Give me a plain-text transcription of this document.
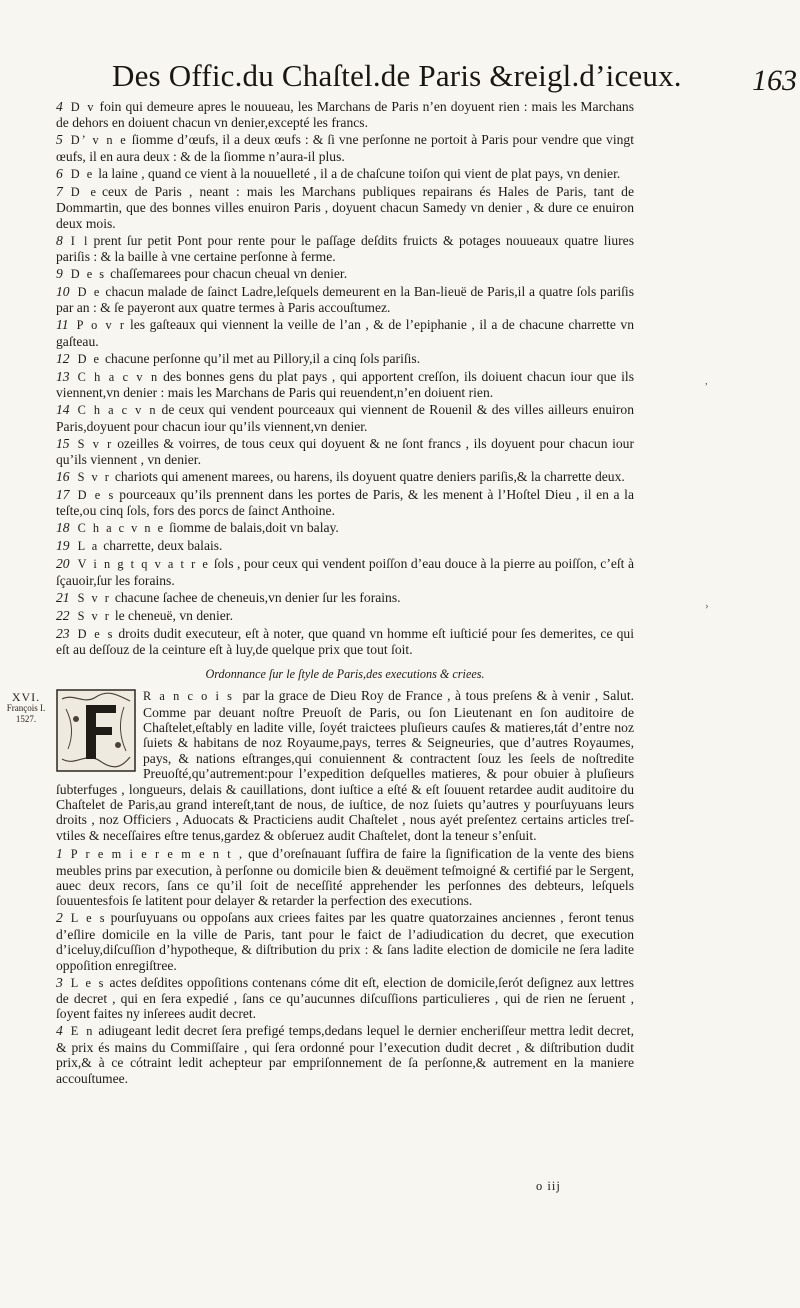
Des Offic.du Chaſtel.de Paris &reigl.d’iceux. 163
XVI.
François I.
1527.
,
›

4 D v foin qui demeure apres le nouueau, les Marchans de Paris n’en doyuent rien : mais les Marchans de dehors en doiuent chacun vn denier,excepté les francs.

5 D’ v n e ſiomme d’œufs, il a deux œufs : & ſi vne perſonne ne portoit à Paris pour vendre que vingt œufs, il en aura deux : & de la ſiomme n’aura-il plus.

6 D e la laine , quand ce vient à la nouuelleté , il a de chaſcune toiſon qui vient de plat pays, vn denier.

7 D e ceux de Paris , neant : mais les Marchans publiques repairans és Hales de Paris, tant de Dommartin, que des bonnes villes enuiron Paris , doyuent chacun Samedy vn denier , & dure ce enuiron deux mois.

8 I l prent ſur petit Pont pour rente pour le paſſage deſdits fruicts & potages nouueaux quatre liures pariſis : & la baille à vne certaine perſonne à ferme.

9 D e s chaſſemarees pour chacun cheual vn denier.

10 D e chacun malade de ſainct Ladre,leſquels demeurent en la Ban-lieuë de Paris,il a quatre ſols pariſis par an : & ſe payeront aux quatre termes à Paris accouſtumez.

11 P o v r les gaſteaux qui viennent la veille de l’an , & de l’epiphanie , il a de chacune charrette vn gaſteau.

12 D e chacune perſonne qu’il met au Pillory,il a cinq ſols pariſis.

13 C h a c v n des bonnes gens du plat pays , qui apportent creſſon, ils doiuent chacun iour que ils viennent,vn denier : mais les Marchans de Paris qui reuendent,n’en doiuent rien.

14 C h a c v n de ceux qui vendent pourceaux qui viennent de Rouenil & des villes ailleurs enuiron Paris,doyuent pour chacun iour qu’ils viennent,vn denier.

15 S v r ozeilles & voirres, de tous ceux qui doyuent & ne ſont francs , ils doyuent pour chacun iour qu’ils viennent , vn denier.

16 S v r chariots qui amenent marees, ou harens, ils doyuent quatre deniers pariſis,& la charrette deux.

17 D e s pourceaux qu’ils prennent dans les portes de Paris, & les menent à l’Hoſtel Dieu , il en a la teſte,ou cinq ſols, fors des porcs de ſainct Anthoine.

18 C h a c v n e ſiomme de balais,doit vn balay.

19 L a charrette, deux balais.

20 V i n g t q v a t r e ſols , pour ceux qui vendent poiſſon d’eau douce à la pierre au poiſſon, c’eſt à ſçauoir,ſur les forains.

21 S v r chacune ſachee de cheneuis,vn denier ſur les forains.

22 S v r le cheneuë, vn denier.

23 D e s droits dudit executeur, eſt à noter, que quand vn homme eſt iuſticié pour ſes demerites, ce qui eſt au deſſouz de la ceinture eſt à luy,de quelque prix que tout ſoit.

Ordonnance ſur le ſtyle de Paris,des executions & criees.

R a n c o i s par la grace de Dieu Roy de France , à tous preſens & à venir , Salut. Comme par deuant noſtre Preuoſt de Paris, ou ſon Lieutenant en ſon auditoire de Chaſtelet,eſtably en ladite ville, ſoyét traictees pluſieurs cauſes & matieres,tát d’entre noz ſuiets & habitans de noz Royaume,pays, terres & Seigneuries, que d’autres Royaumes, pays, & nations eſtranges,qui conuiennent & contractent ſouz les ſeels de noſtredite Preuoſté,qu’autrement:pour l’expedition deſquelles matieres, & pour obuier à pluſieurs ſubterfuges , longueurs, delais & cauillations, dont iuſtice a eſté & eſt ſouuent retardee audit auditoire du Chaſtelet de Paris,au grand intereſt,tant de nous, de iuſtice, de noz ſuiets qu’autres y pourſuyuans leurs droits , noz Officiers , Aduocats & Practiciens audit Chaſtelet , nous ayét preſentez certains articles treſ-vtiles & neceſſaires eſtre tenus,gardez & obſeruez audit Chaſtelet, dont la teneur s’enſuit.

1 P r e m i e r e m e n t , que d’oreſnauant ſuffira de faire la ſignification de la vente des biens meubles prins par execution, à perſonne ou domicile bien & deuëment teſmoigné & certifié par le Sergent, auec deux recors, ſans ce qu’il ſoit de neceſſité apprehender les perſonnes des debteurs, leſquels ſouuentesfois ſe latitent pour delayer & retarder la perfection des executions.

2 L e s pourſuyuans ou oppoſans aux criees faites par les quatre quatorzaines anciennes , feront tenus d’eſlire domicile en la ville de Paris, tant pour le faict de l’adiudication du decret, que execution d’iceluy,diſcuſſion d’hypotheque, & diſtribution du prix : & ſans ladite election de domicile ne ſera ladite oppoſition enregiſtree.

3 L e s actes deſdites oppoſitions contenans cóme dit eſt, election de domicile,ſerót deſignez aux lettres de decret , qui en ſera expedié , ſans ce qu’aucunnes diſcuſſions particulieres , qui de rien ne ſeruent , ſoyent faites ny inſerees audit decret.

4 E n adiugeant ledit decret ſera prefigé temps,dedans lequel le dernier encheriſſeur mettra ledit decret, & prix és mains du Commiſſaire , qui ſera ordonné pour l’execution dudit decret , & diſtribution dudit prix,& à ce cótraint ledit achepteur par empriſonnement de ſa perſonne,& autrement en la maniere accouſtumee.

o iij
